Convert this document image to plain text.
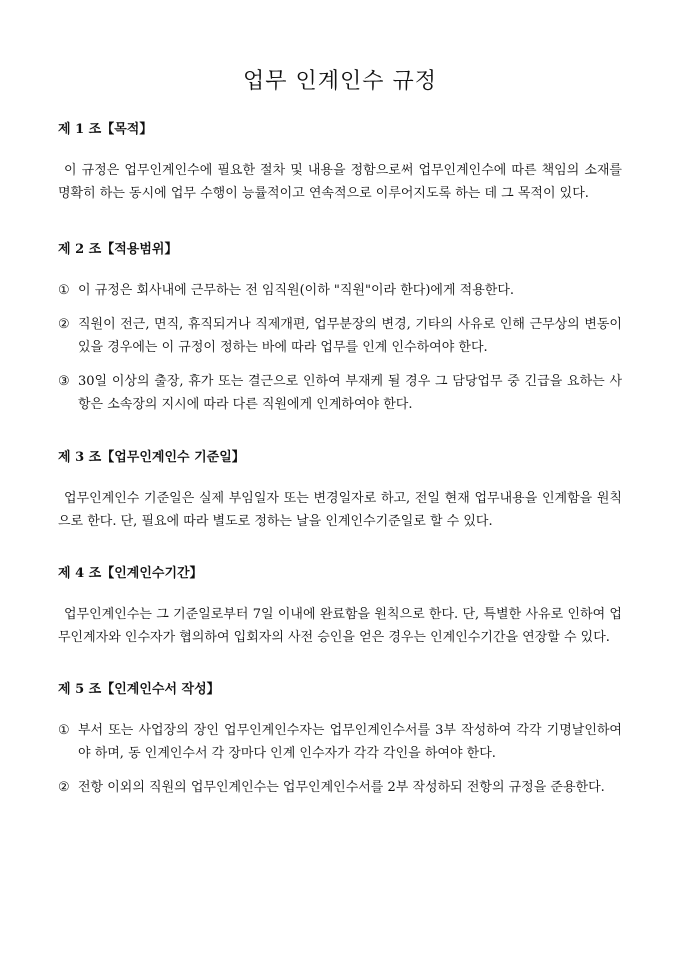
업무 인계인수 규정
제 1 조【목적】

이 규정은 업무인계인수에 필요한 절차 및 내용을 정함으로써 업무인계인수에 따른 책임의 소재를 명확히 하는 동시에 업무 수행이 능률적이고 연속적으로 이루어지도록 하는 데 그 목적이 있다.

제 2 조【적용범위】
① 이 규정은 회사내에 근무하는 전 임직원(이하 "직원"이라 한다)에게 적용한다.
② 직원이 전근, 면직, 휴직되거나 직제개편, 업무분장의 변경, 기타의 사유로 인해 근무상의 변동이 있을 경우에는 이 규정이 정하는 바에 따라 업무를 인계 인수하여야 한다.
③ 30일 이상의 출장, 휴가 또는 결근으로 인하여 부재케 될 경우 그 담당업무 중 긴급을 요하는 사항은 소속장의 지시에 따라 다른 직원에게 인계하여야 한다.
제 3 조【업무인계인수 기준일】

업무인계인수 기준일은 실제 부임일자 또는 변경일자로 하고, 전일 현재 업무내용을 인계함을 원칙으로 한다. 단, 필요에 따라 별도로 정하는 날을 인계인수기준일로 할 수 있다.

제 4 조【인계인수기간】

업무인계인수는 그 기준일로부터 7일 이내에 완료함을 원칙으로 한다. 단, 특별한 사유로 인하여 업무인계자와 인수자가 협의하여 입회자의 사전 승인을 얻은 경우는 인계인수기간을 연장할 수 있다.

제 5 조【인계인수서 작성】
① 부서 또는 사업장의 장인 업무인계인수자는 업무인계인수서를 3부 작성하여 각각 기명날인하여야 하며, 동 인계인수서 각 장마다 인계 인수자가 각각 각인을 하여야 한다.
② 전항 이외의 직원의 업무인계인수는 업무인계인수서를 2부 작성하되 전항의 규정을 준용한다.
